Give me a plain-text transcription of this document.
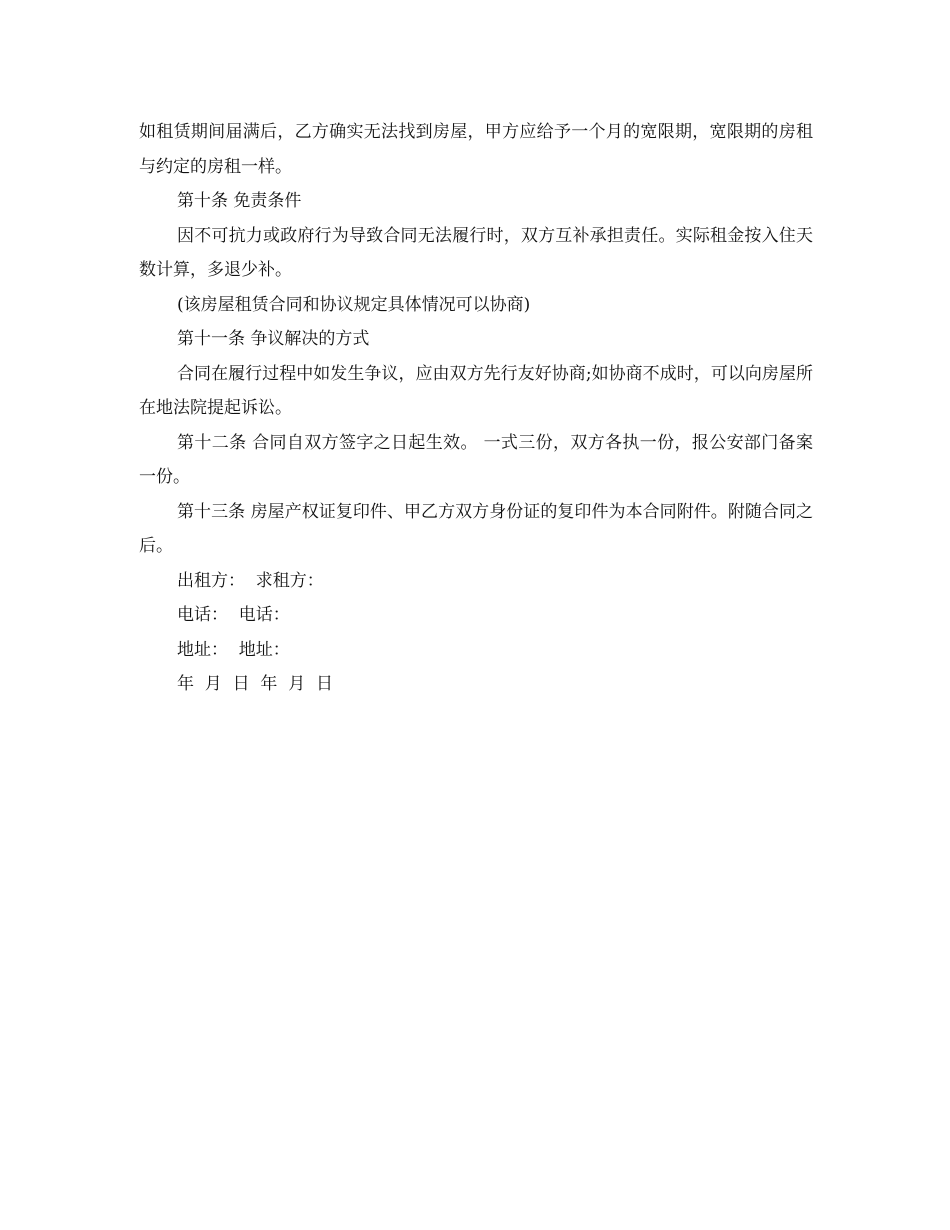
如租赁期间届满后，乙方确实无法找到房屋，甲方应给予一个月的宽限期，宽限期的房租与约定的房租一样。

第十条 免责条件

因不可抗力或政府行为导致合同无法履行时，双方互补承担责任。实际租金按入住天数计算，多退少补。

(该房屋租赁合同和协议规定具体情况可以协商)

第十一条 争议解决的方式

合同在履行过程中如发生争议，应由双方先行友好协商;如协商不成时，可以向房屋所在地法院提起诉讼。

第十二条 合同自双方签字之日起生效。 一式三份，双方各执一份，报公安部门备案一份。

第十三条 房屋产权证复印件、甲乙方双方身份证的复印件为本合同附件。附随合同之后。

出租方：  求租方：

电话：  电话：

地址：  地址：

年  月  日  年  月  日
